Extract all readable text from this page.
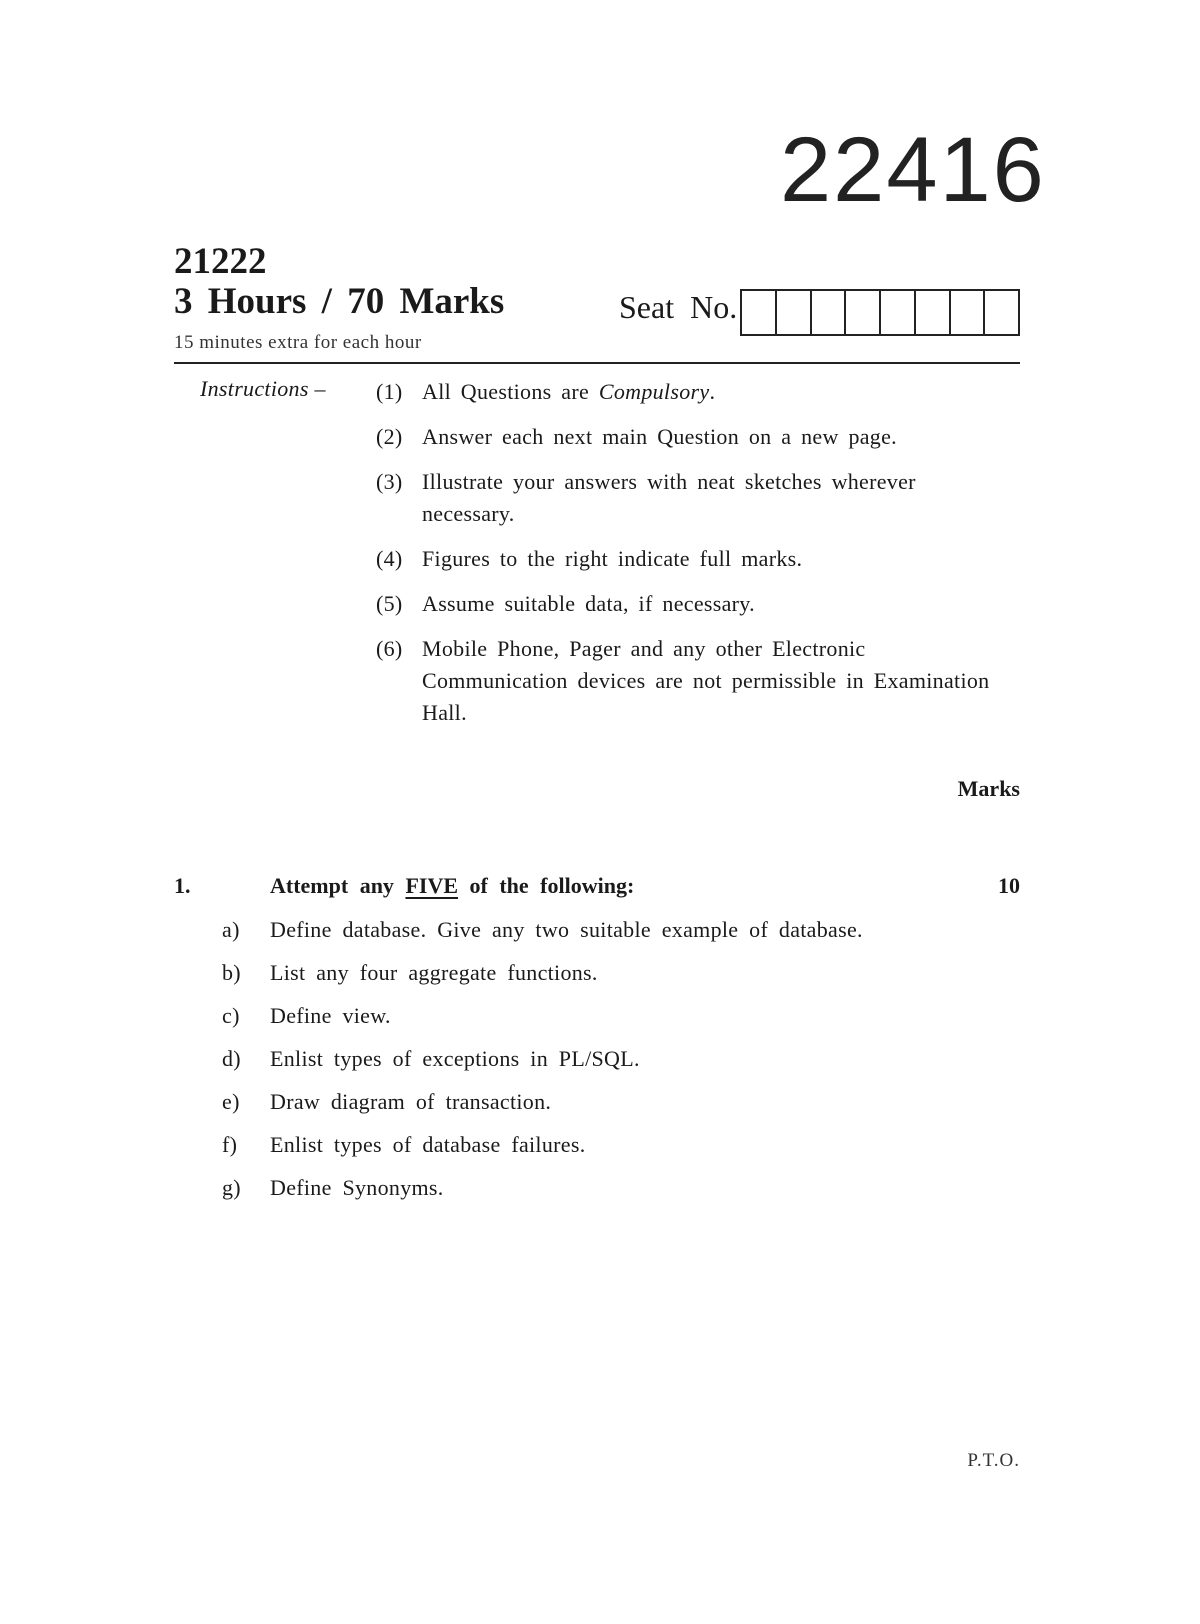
22416
21222
3 Hours / 70 Marks
15 minutes extra for each hour
Seat No.
Instructions – (1) All Questions are Compulsory.
(2) Answer each next main Question on a new page.
(3) Illustrate your answers with neat sketches wherever necessary.
(4) Figures to the right indicate full marks.
(5) Assume suitable data, if necessary.
(6) Mobile Phone, Pager and any other Electronic Communication devices are not permissible in Examination Hall.
Marks
1.	Attempt any FIVE of the following:	10
a)	Define database. Give any two suitable example of database.
b)	List any four aggregate functions.
c)	Define view.
d)	Enlist types of exceptions in PL/SQL.
e)	Draw diagram of transaction.
f)	Enlist types of database failures.
g)	Define Synonyms.
P.T.O.
